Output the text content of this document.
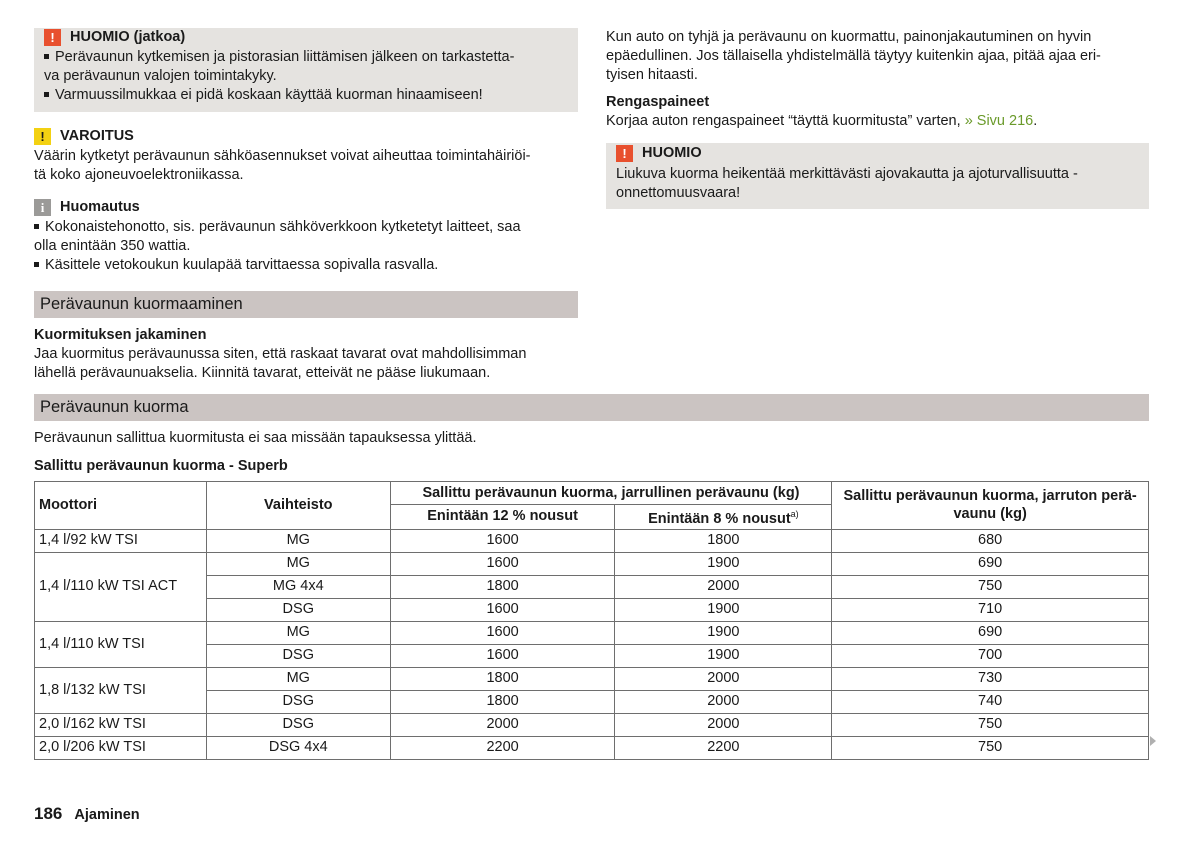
!	HUOMIO (jatkoa)
Perävaunun kytkemisen ja pistorasian liittämisen jälkeen on tarkastetta-
va perävaunun valojen toimintakyky.
Varmuussilmukkaa ei pidä koskaan käyttää kuorman hinaamiseen!
!	VAROITUS
Väärin kytketyt perävaunun sähköasennukset voivat aiheuttaa toimintahäiriöi-
tä koko ajoneuvoelektroniikassa.
i	Huomautus
Kokonaistehonotto, sis. perävaunun sähköverkkoon kytketetyt laitteet, saa
olla enintään 350 wattia.
Käsittele vetokoukun kuulapää tarvittaessa sopivalla rasvalla.
Perävaunun kuormaaminen
Kuormituksen jakaminen
Jaa kuormitus perävaunussa siten, että raskaat tavarat ovat mahdollisimman
lähellä perävaunuakselia. Kiinnitä tavarat, etteivät ne pääse liukumaan.
Kun auto on tyhjä ja perävaunu on kuormattu, painonjakautuminen on hyvin
epäedullinen. Jos tällaisella yhdistelmällä täytyy kuitenkin ajaa, pitää ajaa eri-
tyisen hitaasti.
Rengaspaineet
Korjaa auton rengaspaineet “täyttä kuormitusta” varten, » Sivu 216.
!	HUOMIO
Liukuva kuorma heikentää merkittävästi ajovakautta ja ajoturvallisuutta -
onnettomuusvaara!
Perävaunun kuorma
Perävaunun sallittua kuormitusta ei saa missään tapauksessa ylittää.
Sallittu perävaunun kuorma - Superb
Moottori	Vaihteisto	Sallittu perävaunun kuorma, jarrullinen perävaunu (kg)		Sallittu perävaunun kuorma, jarruton perä-vaunu (kg)
		Enintään 12 % nousut	Enintään 8 % nousut$^{a)}$
1,4 l/92 kW TSI	MG	1600	1800	680
1,4 l/110 kW TSI ACT	MG	1600	1900	690
	MG 4x4	1800	2000	750
	DSG	1600	1900	710
1,4 l/110 kW TSI	MG	1600	1900	690
	DSG	1600	1900	700
1,8 l/132 kW TSI	MG	1800	2000	730
	DSG	1800	2000	740
2,0 l/162 kW TSI	DSG	2000	2000	750
2,0 l/206 kW TSI	DSG 4x4	2200	2200	750
186 Ajaminen
